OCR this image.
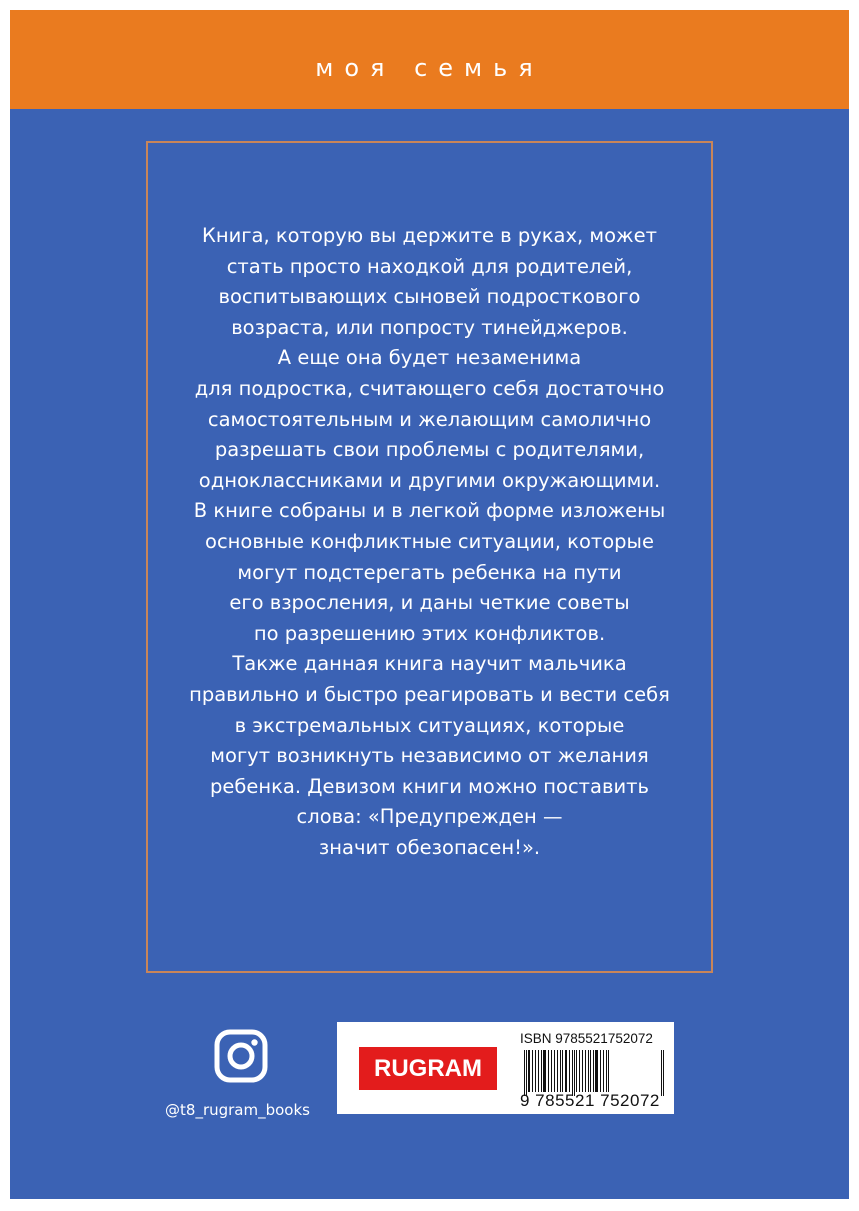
моя семья
Книга, которую вы держите в руках, может
стать просто находкой для родителей,
воспитывающих сыновей подросткового
возраста, или попросту тинейджеров.
А еще она будет незаменима
для подростка, считающего себя достаточно
самостоятельным и желающим самолично
разрешать свои проблемы с родителями,
одноклассниками и другими окружающими.
В книге собраны и в легкой форме изложены
основные конфликтные ситуации, которые
могут подстерегать ребенка на пути
его взросления, и даны четкие советы
по разрешению этих конфликтов.
Также данная книга научит мальчика
правильно и быстро реагировать и вести себя
в экстремальных ситуациях, которые
могут возникнуть независимо от желания
ребенка. Девизом книги можно поставить
слова: «Предупрежден —
значит обезопасен!».
@t8_rugram_books
RUGRAM
ISBN 9785521752072
9 785521 752072
